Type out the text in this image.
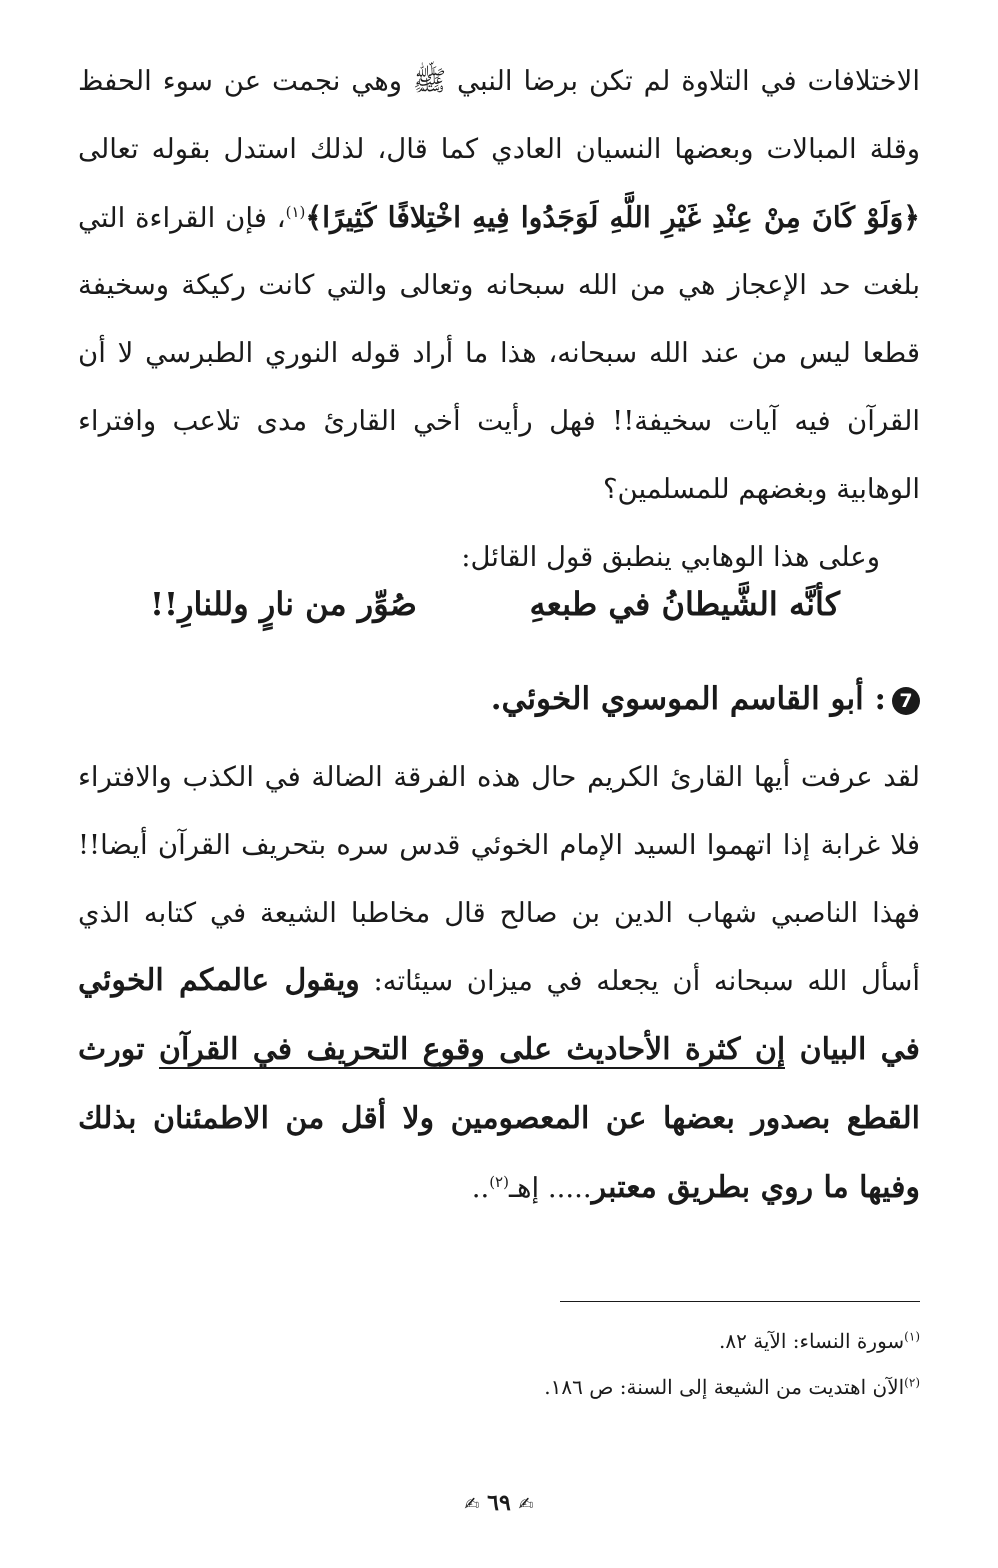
الاختلافات في التلاوة لم تكن برضا النبي ﷺ وهي نجمت عن سوء الحفظ وقلة المبالات وبعضها النسيان العادي كما قال، لذلك استدل بقوله تعالى ﴿وَلَوْ كَانَ مِنْ عِنْدِ غَيْرِ اللَّهِ لَوَجَدُوا فِيهِ اخْتِلافًا كَثِيرًا﴾$^{(١)}$، فإن القراءة التي بلغت حد الإعجاز هي من الله سبحانه وتعالى والتي كانت ركيكة وسخيفة قطعا ليس من عند الله سبحانه، هذا ما أراد قوله النوري الطبرسي لا أن القرآن فيه آيات سخيفة!! فهل رأيت أخي القارئ مدى تلاعب وافتراء الوهابية وبغضهم للمسلمين؟

وعلى هذا الوهابي ينطبق قول القائل:

كأنَّه الشَّيطانُ في طبعهِ
صُوِّر من نارٍ وللنارِ!!
7: أبو القاسم الموسوي الخوئي.

لقد عرفت أيها القارئ الكريم حال هذه الفرقة الضالة في الكذب والافتراء فلا غرابة إذا اتهموا السيد الإمام الخوئي قدس سره بتحريف القرآن أيضا!! فهذا الناصبي شهاب الدين بن صالح قال مخاطبا الشيعة في كتابه الذي أسأل الله سبحانه أن يجعله في ميزان سيئاته: ويقول عالمكم الخوئي في البيان إن كثرة الأحاديث على وقوع التحريف في القرآن تورث القطع بصدور بعضها عن المعصومين ولا أقل من الاطمئنان بذلك وفيها ما روي بطريق معتبر..... إهـ$^{(٢)}$..

$^{(١)}$سورة النساء: الآية ٨٢.
$^{(٢)}$الآن اهتديت من الشيعة إلى السنة: ص ١٨٦.
✍ ٦٩ ✍
